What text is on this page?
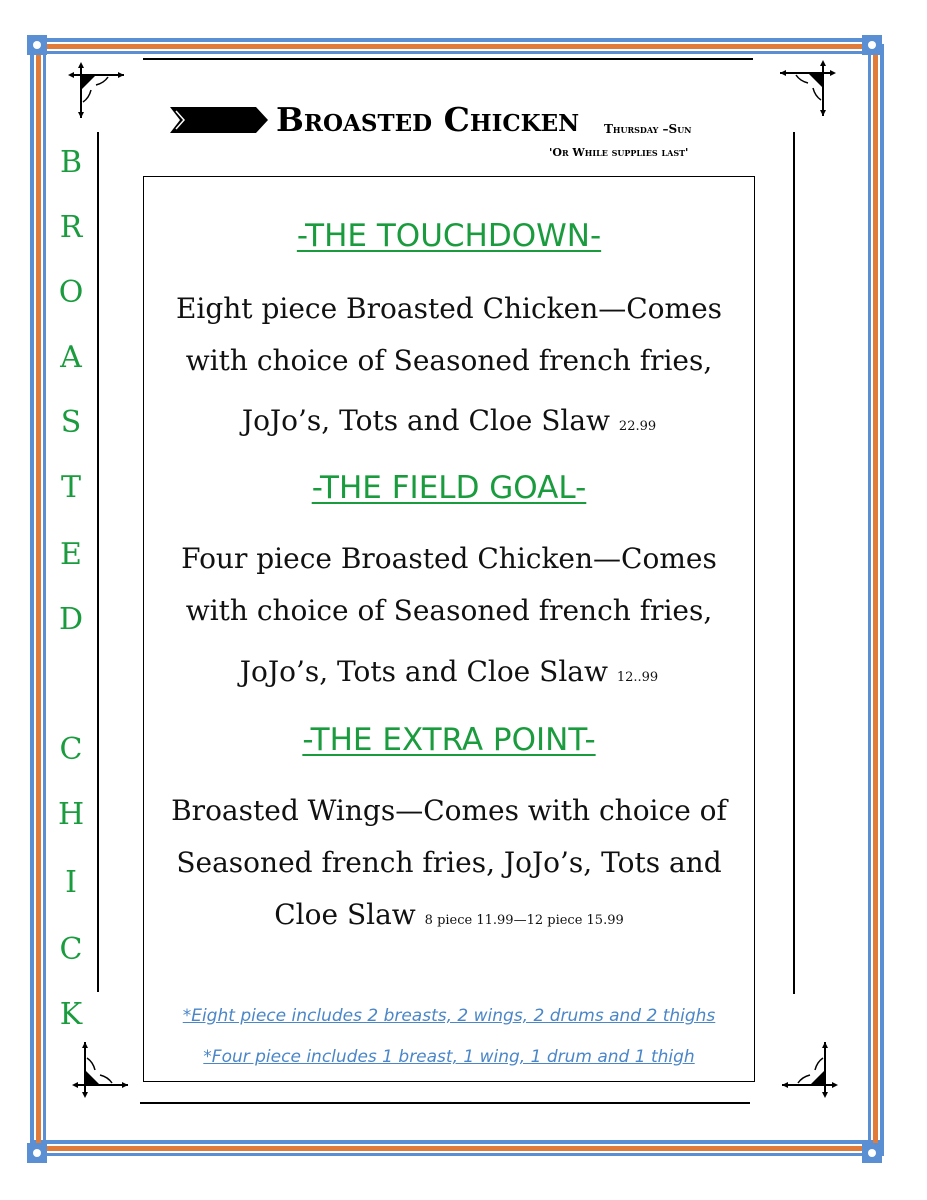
B
R
O
A
S
T
E
D
C
H
I
C
K
Broasted Chicken Thursday –Sun
'Or While supplies last'
-THE TOUCHDOWN-
Eight piece Broasted Chicken—Comes
with choice of Seasoned french fries,
JoJo’s, Tots and Cloe Slaw 22.99
-THE FIELD GOAL-
Four piece Broasted Chicken—Comes
with choice of Seasoned french fries,
JoJo’s, Tots and Cloe Slaw 12..99
-THE EXTRA POINT-
Broasted Wings—Comes with choice of
Seasoned french fries, JoJo’s, Tots and
Cloe Slaw 8 piece 11.99—12 piece 15.99
*Eight piece includes 2 breasts, 2 wings, 2 drums and 2 thighs
*Four piece includes 1 breast, 1 wing, 1 drum and 1 thigh
